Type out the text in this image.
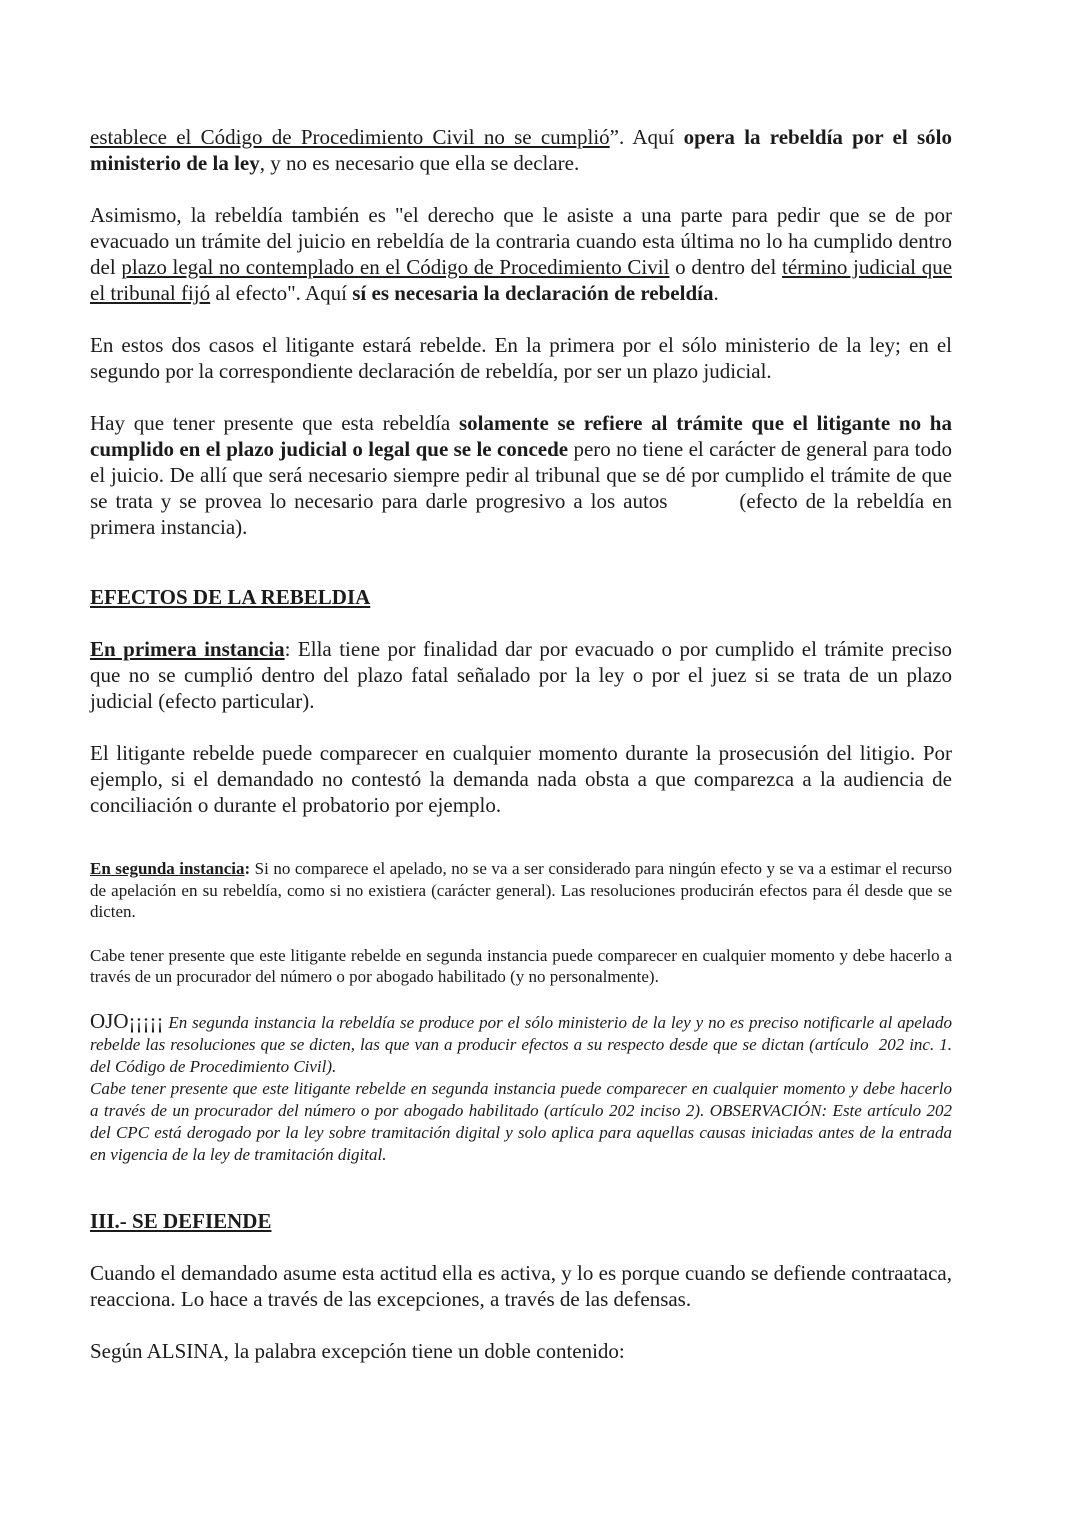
establece el Código de Procedimiento Civil no se cumplió”. Aquí opera la rebeldía por el sólo ministerio de la ley, y no es necesario que ella se declare.

Asimismo, la rebeldía también es "el derecho que le asiste a una parte para pedir que se de por evacuado un trámite del juicio en rebeldía de la contraria cuando esta última no lo ha cumplido dentro del plazo legal no contemplado en el Código de Procedimiento Civil o dentro del término judicial que el tribunal fijó al efecto". Aquí sí es necesaria la declaración de rebeldía.

En estos dos casos el litigante estará rebelde. En la primera por el sólo ministerio de la ley; en el segundo por la correspondiente declaración de rebeldía, por ser un plazo judicial.

Hay que tener presente que esta rebeldía solamente se refiere al trámite que el litigante no ha cumplido en el plazo judicial o legal que se le concede pero no tiene el carácter de general para todo el juicio. De allí que será necesario siempre pedir al tribunal que se dé por cumplido el trámite de que se trata y se provea lo necesario para darle progresivo a los autos         (efecto de la rebeldía en primera instancia).

EFECTOS DE LA REBELDIA

En primera instancia: Ella tiene por finalidad dar por evacuado o por cumplido el trámite preciso que no se cumplió dentro del plazo fatal señalado por la ley o por el juez si se trata de un plazo judicial (efecto particular).

El litigante rebelde puede comparecer en cualquier momento durante la prosecusión del litigio. Por ejemplo, si el demandado no contestó la demanda nada obsta a que comparezca a la audiencia de conciliación o durante el probatorio por ejemplo.

En segunda instancia: Si no comparece el apelado, no se va a ser considerado para ningún efecto y se va a estimar el recurso de apelación en su rebeldía, como si no existiera (carácter general). Las resoluciones producirán efectos para él desde que se dicten.

Cabe tener presente que este litigante rebelde en segunda instancia puede comparecer en cualquier momento y debe hacerlo a través de un procurador del número o por abogado habilitado (y no personalmente).

OJO¡¡¡¡¡ En segunda instancia la rebeldía se produce por el sólo ministerio de la ley y no es preciso notificarle al apelado rebelde las resoluciones que se dicten, las que van a producir efectos a su respecto desde que se dictan (artículo  202 inc. 1. del Código de Procedimiento Civil).

Cabe tener presente que este litigante rebelde en segunda instancia puede comparecer en cualquier momento y debe hacerlo a través de un procurador del número o por abogado habilitado (artículo 202 inciso 2). OBSERVACIÓN: Este artículo 202 del CPC está derogado por la ley sobre tramitación digital y solo aplica para aquellas causas iniciadas antes de la entrada en vigencia de la ley de tramitación digital.

III.- SE DEFIENDE

Cuando el demandado asume esta actitud ella es activa, y lo es porque cuando se defiende contraataca, reacciona. Lo hace a través de las excepciones, a través de las defensas.

Según ALSINA, la palabra excepción tiene un doble contenido:
